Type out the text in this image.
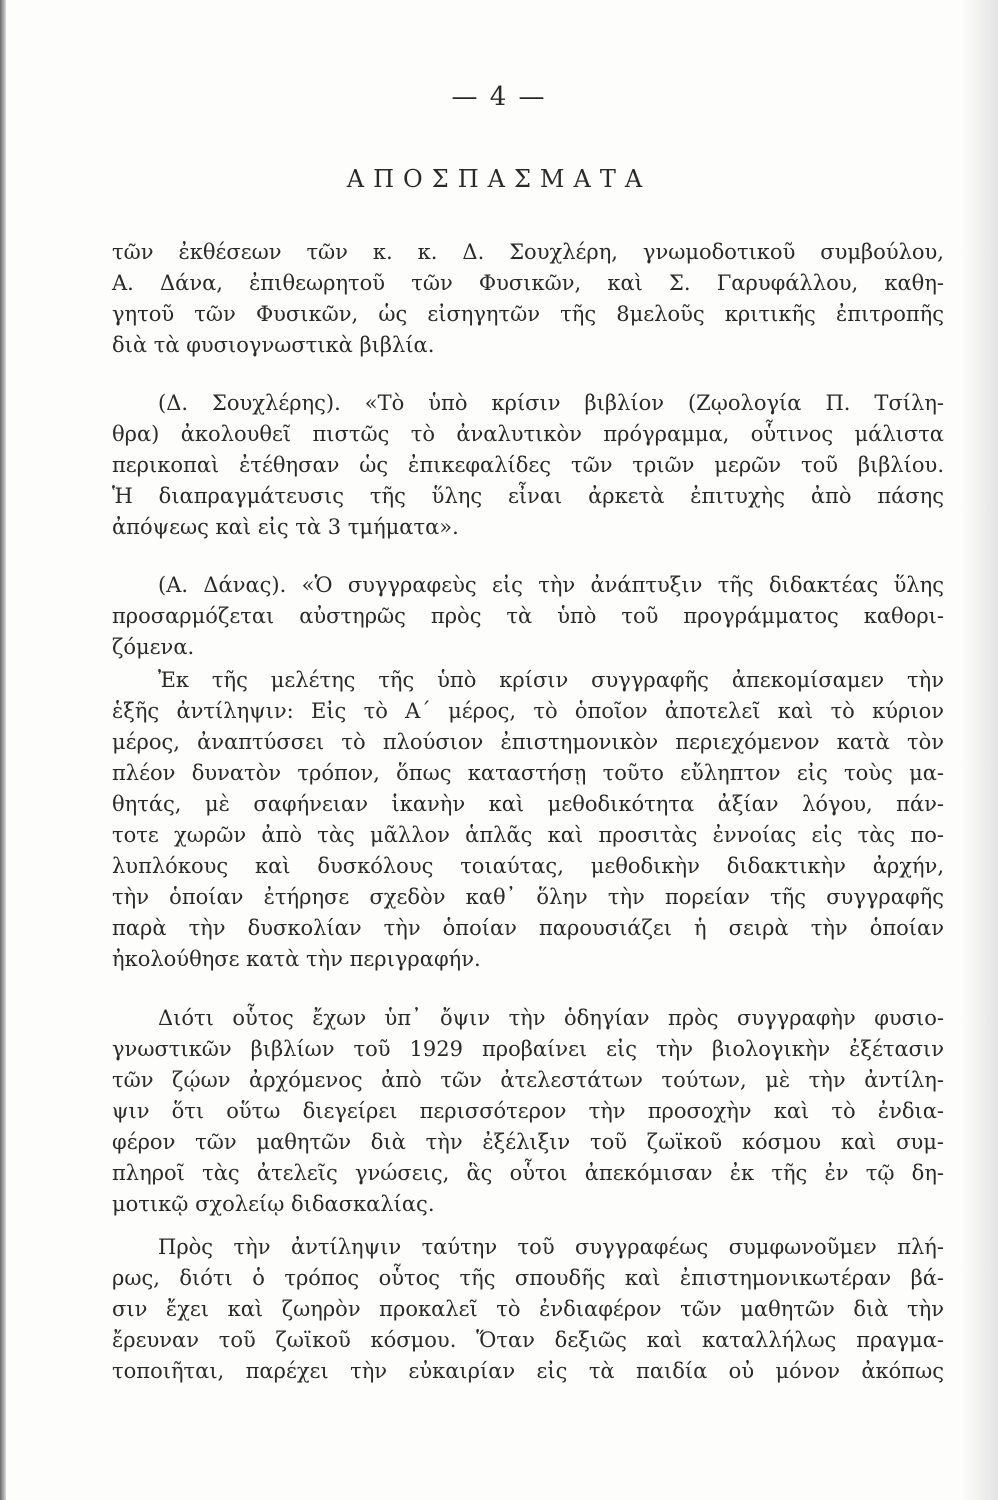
— 4 —
ΑΠΟΣΠΑΣΜΑΤΑ
τῶν ἐκθέσεων τῶν κ. κ. Δ. Σουχλέρη, γνωμοδοτικοῦ συμβούλου,
Α. Δάνα, ἐπιθεωρητοῦ τῶν Φυσικῶν, καὶ Σ. Γαρυφάλλου, καθη-
γητοῦ τῶν Φυσικῶν, ὡς εἰσηγητῶν τῆς 8μελοῦς κριτικῆς ἐπιτροπῆς
διὰ τὰ φυσιογνωστικὰ βιβλία.
(Δ. Σουχλέρης). «Τὸ ὑπὸ κρίσιν βιβλίον (Ζῳολογία Π. Τσίλη-
θρα) ἀκολουθεῖ πιστῶς τὸ ἀναλυτικὸν πρόγραμμα, οὗτινος μάλιστα
περικοπαὶ ἐτέθησαν ὡς ἐπικεφαλίδες τῶν τριῶν μερῶν τοῦ βιβλίου.
Ἡ διαπραγμάτευσις τῆς ὕλης εἶναι ἀρκετὰ ἐπιτυχὴς ἀπὸ πάσης
ἀπόψεως καὶ εἰς τὰ 3 τμήματα».
(Α. Δάνας). «Ὁ συγγραφεὺς εἰς τὴν ἀνάπτυξιν τῆς διδακτέας ὕλης
προσαρμόζεται αὐστηρῶς πρὸς τὰ ὑπὸ τοῦ προγράμματος καθορι-
ζόμενα.
Ἐκ τῆς μελέτης τῆς ὑπὸ κρίσιν συγγραφῆς ἀπεκομίσαμεν τὴν
ἑξῆς ἀντίληψιν: Εἰς τὸ Α΄ μέρος, τὸ ὁποῖον ἀποτελεῖ καὶ τὸ κύριον
μέρος, ἀναπτύσσει τὸ πλούσιον ἐπιστημονικὸν περιεχόμενον κατὰ τὸν
πλέον δυνατὸν τρόπον, ὅπως καταστήσῃ τοῦτο εὔληπτον εἰς τοὺς μα-
θητάς, μὲ σαφήνειαν ἱκανὴν καὶ μεθοδικότητα ἀξίαν λόγου, πάν-
τοτε χωρῶν ἀπὸ τὰς μᾶλλον ἁπλᾶς καὶ προσιτὰς ἐννοίας εἰς τὰς πο-
λυπλόκους καὶ δυσκόλους τοιαύτας, μεθοδικὴν διδακτικὴν ἀρχήν,
τὴν ὁποίαν ἐτήρησε σχεδὸν καθ᾽ ὅλην τὴν πορείαν τῆς συγγραφῆς
παρὰ τὴν δυσκολίαν τὴν ὁποίαν παρουσιάζει ἡ σειρὰ τὴν ὁποίαν
ἠκολούθησε κατὰ τὴν περιγραφήν.
Διότι οὗτος ἔχων ὑπ᾽ ὄψιν τὴν ὁδηγίαν πρὸς συγγραφὴν φυσιο-
γνωστικῶν βιβλίων τοῦ 1929 προβαίνει εἰς τὴν βιολογικὴν ἐξέτασιν
τῶν ζῴων ἀρχόμενος ἀπὸ τῶν ἀτελεστάτων τούτων, μὲ τὴν ἀντίλη-
ψιν ὅτι οὕτω διεγείρει περισσότερον τὴν προσοχὴν καὶ τὸ ἐνδια-
φέρον τῶν μαθητῶν διὰ τὴν ἐξέλιξιν τοῦ ζωϊκοῦ κόσμου καὶ συμ-
πληροῖ τὰς ἀτελεῖς γνώσεις, ἃς οὗτοι ἀπεκόμισαν ἐκ τῆς ἐν τῷ δη-
μοτικῷ σχολείῳ διδασκαλίας.
Πρὸς τὴν ἀντίληψιν ταύτην τοῦ συγγραφέως συμφωνοῦμεν πλή-
ρως, διότι ὁ τρόπος οὗτος τῆς σπουδῆς καὶ ἐπιστημονικωτέραν βά-
σιν ἔχει καὶ ζωηρὸν προκαλεῖ τὸ ἐνδιαφέρον τῶν μαθητῶν διὰ τὴν
ἔρευναν τοῦ ζωϊκοῦ κόσμου. Ὅταν δεξιῶς καὶ καταλλήλως πραγμα-
τοποιῆται, παρέχει τὴν εὐκαιρίαν εἰς τὰ παιδία οὐ μόνον ἀκόπως
